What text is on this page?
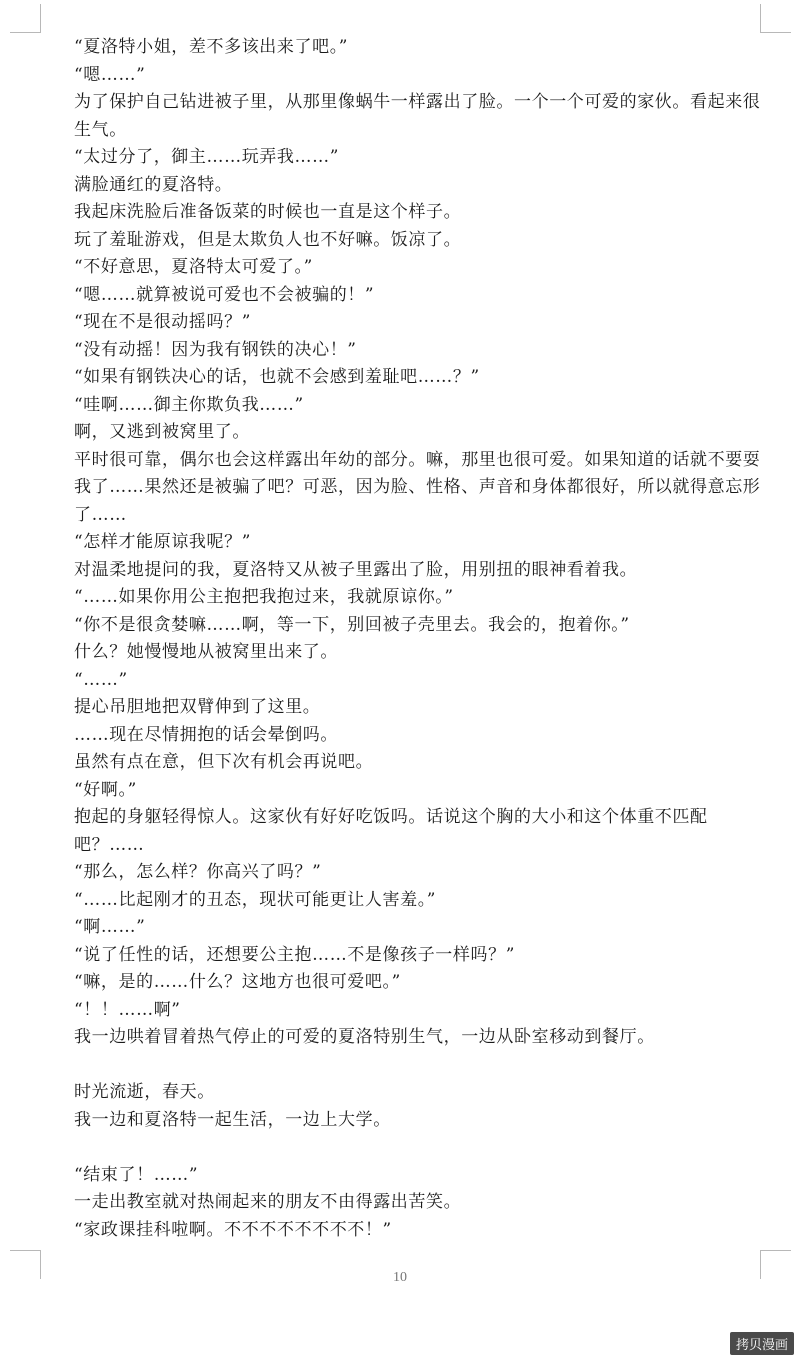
“夏洛特小姐，差不多该出来了吧。”

“嗯……”

为了保护自己钻进被子里，从那里像蜗牛一样露出了脸。一个一个可爱的家伙。看起来很生气。

“太过分了，御主……玩弄我……”

满脸通红的夏洛特。

我起床洗脸后准备饭菜的时候也一直是这个样子。

玩了羞耻游戏，但是太欺负人也不好嘛。饭凉了。

“不好意思，夏洛特太可爱了。”

“嗯……就算被说可爱也不会被骗的！”

“现在不是很动摇吗？”

“没有动摇！因为我有钢铁的决心！”

“如果有钢铁决心的话，也就不会感到羞耻吧……？”

“哇啊……御主你欺负我……”

啊，又逃到被窝里了。

平时很可靠，偶尔也会这样露出年幼的部分。嘛，那里也很可爱。如果知道的话就不要耍我了……果然还是被骗了吧？可恶，因为脸、性格、声音和身体都很好，所以就得意忘形了……

“怎样才能原谅我呢？”

对温柔地提问的我，夏洛特又从被子里露出了脸，用别扭的眼神看着我。

“……如果你用公主抱把我抱过来，我就原谅你。”

“你不是很贪婪嘛……啊，等一下，别回被子壳里去。我会的，抱着你。”

什么？她慢慢地从被窝里出来了。

“……”

提心吊胆地把双臂伸到了这里。

……现在尽情拥抱的话会晕倒吗。

虽然有点在意，但下次有机会再说吧。

“好啊。”

抱起的身躯轻得惊人。这家伙有好好吃饭吗。话说这个胸的大小和这个体重不匹配吧？……

“那么，怎么样？你高兴了吗？”

“……比起刚才的丑态，现状可能更让人害羞。”

“啊……”

“说了任性的话，还想要公主抱……不是像孩子一样吗？”

“嘛，是的……什么？这地方也很可爱吧。”

“！！……啊”

我一边哄着冒着热气停止的可爱的夏洛特别生气，一边从卧室移动到餐厅。

时光流逝，春天。

我一边和夏洛特一起生活，一边上大学。

“结束了！……”

一走出教室就对热闹起来的朋友不由得露出苦笑。

“家政课挂科啦啊。不不不不不不不不！”

10
拷贝漫画
